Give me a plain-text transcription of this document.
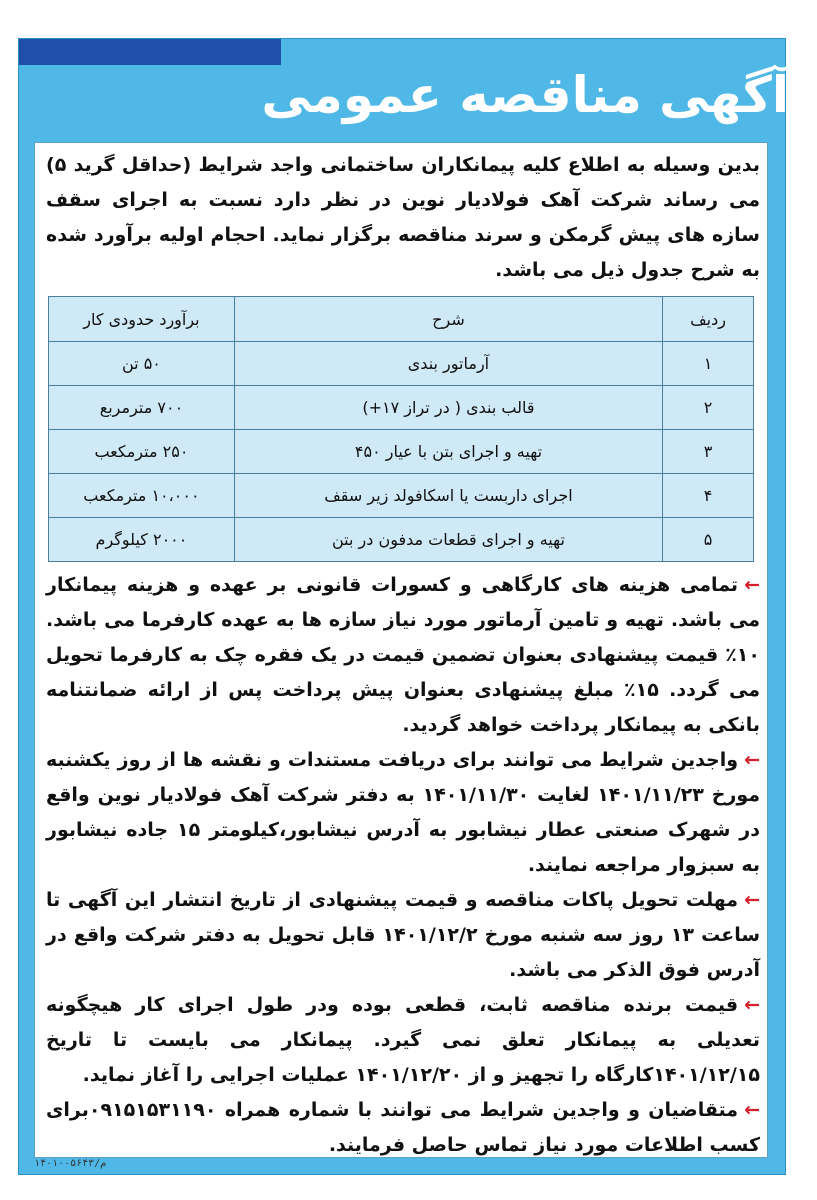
آگهی مناقصه عمومی

بدین وسیله به اطلاع کلیه پیمانکاران ساختمانی واجد شرایط (حداقل گرید ۵) می رساند شرکت آهک فولادیار نوین در نظر دارد نسبت به اجرای سقف سازه های پیش گرمکن و سرند مناقصه برگزار نماید. احجام اولیه برآورد شده به شرح جدول ذیل می باشد.

ردیف	شرح	برآورد حدودی کار
۱	آرماتور بندی	۵۰ تن
۲	قالب بندی ( در تراز ۱۷+)	۷۰۰ مترمربع
۳	تهیه و اجرای بتن با عیار ۴۵۰	۲۵۰ مترمکعب
۴	اجرای داربست یا اسکافولد زیر سقف	۱۰،۰۰۰ مترمکعب
۵	تهیه و اجرای قطعات مدفون در بتن	۲۰۰۰ کیلوگرم

←تمامی هزینه های کارگاهی و کسورات قانونی بر عهده و هزینه پیمانکار می باشد. تهیه و تامین آرماتور مورد نیاز سازه ها به عهده کارفرما می باشد. ۱۰٪ قیمت پیشنهادی بعنوان تضمین قیمت در یک فقره چک به کارفرما تحویل می گردد. ۱۵٪ مبلغ پیشنهادی بعنوان پیش پرداخت پس از ارائه ضمانتنامه بانکی به پیمانکار پرداخت خواهد گردید.

←واجدین شرایط می توانند برای دریافت مستندات و نقشه ها از روز یکشنبه مورخ ۱۴۰۱/۱۱/۲۳ لغایت ۱۴۰۱/۱۱/۳۰ به دفتر شرکت آهک فولادیار نوین واقع در شهرک صنعتی عطار نیشابور به آدرس نیشابور،کیلومتر ۱۵ جاده نیشابور به سبزوار مراجعه نمایند.

←مهلت تحویل پاکات مناقصه و قیمت پیشنهادی از تاریخ انتشار این آگهی تا ساعت ۱۳ روز سه شنبه مورخ ۱۴۰۱/۱۲/۲ قابل تحویل به دفتر شرکت واقع در آدرس فوق الذکر می باشد.

←قیمت برنده مناقصه ثابت، قطعی بوده ودر طول اجرای کار هیچگونه تعدیلی به پیمانکار تعلق نمی گیرد. پیمانکار می بایست تا تاریخ ۱۴۰۱/۱۲/۱۵کارگاه را تجهیز و از ۱۴۰۱/۱۲/۲۰ عملیات اجرایی را آغاز نماید.

←متقاضیان و واجدین شرایط می توانند با شماره همراه ۰۹۱۵۱۵۳۱۱۹۰برای کسب اطلاعات مورد نیاز تماس حاصل فرمایند.

م/۱۴۰۱۰۰۵۶۴۳
